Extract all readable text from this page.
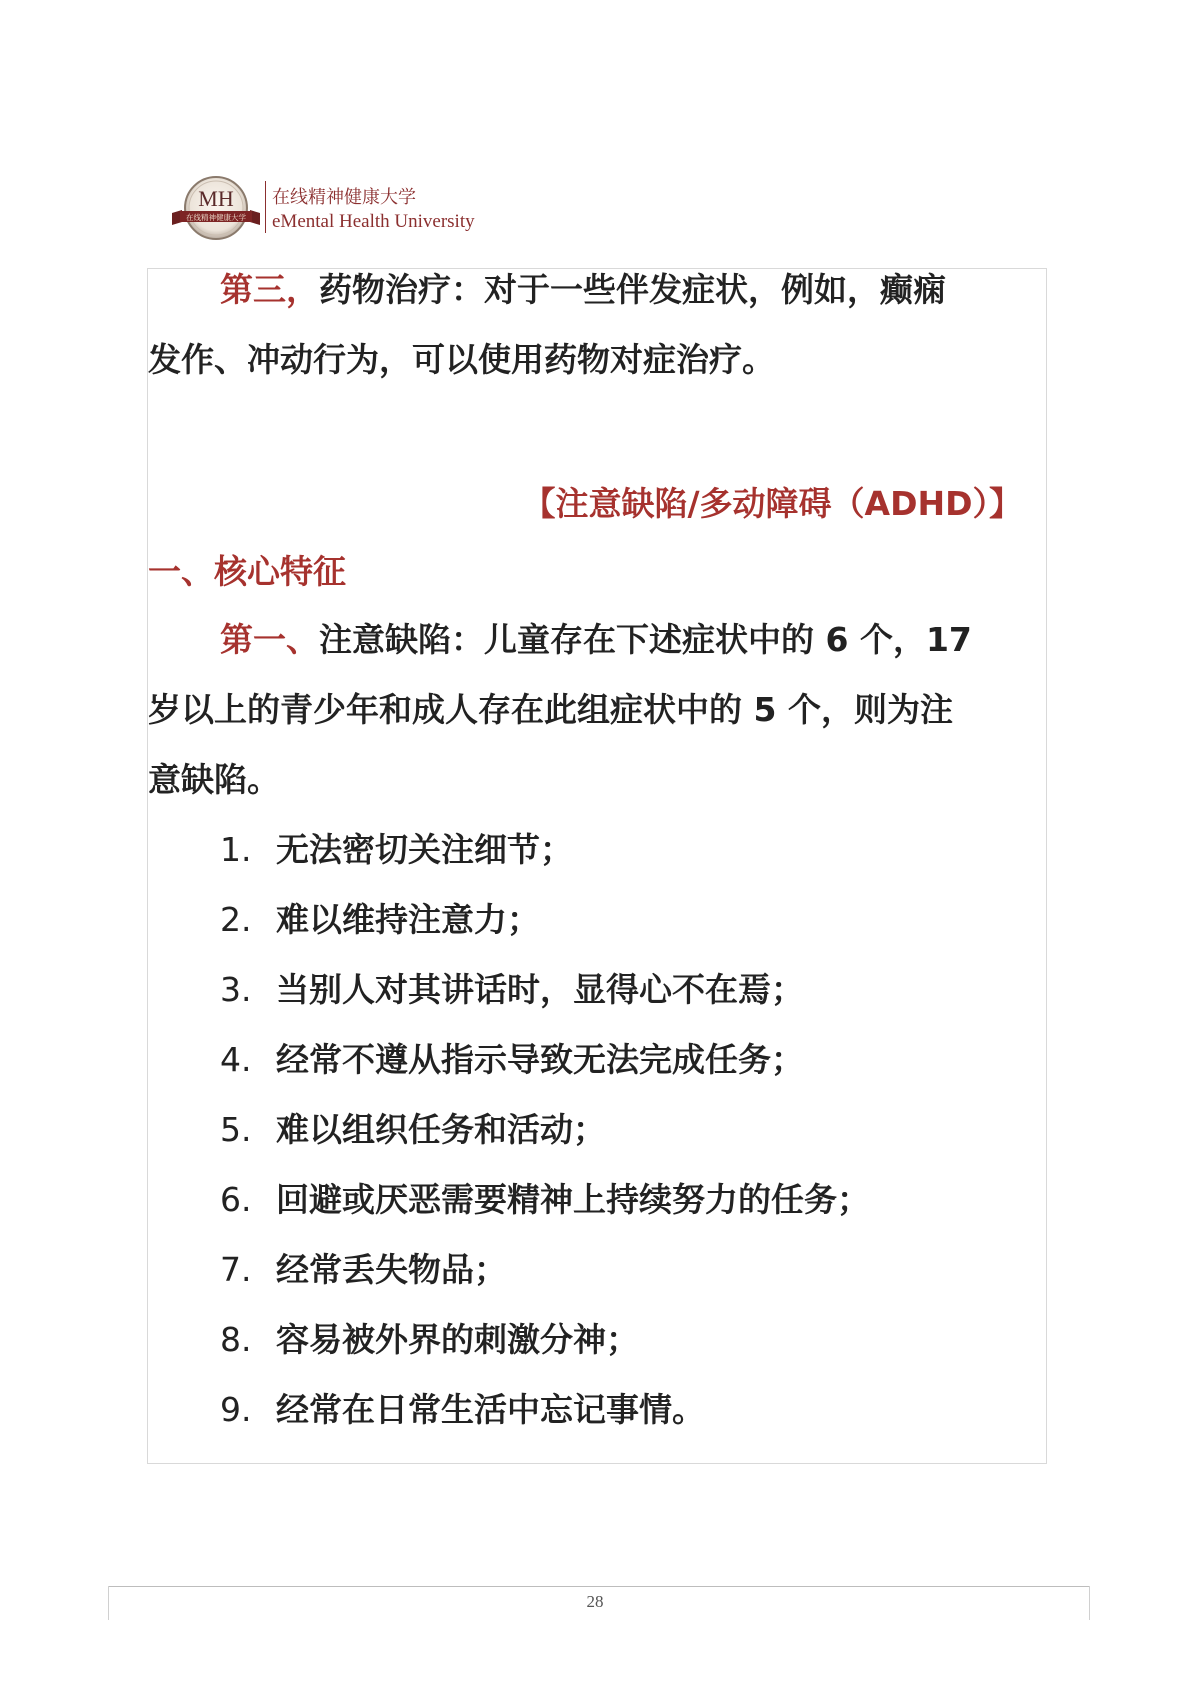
MH
在线精神健康大学
在线精神健康大学
eMental Health University
第三，药物治疗：对于一些伴发症状，例如，癫痫
发作、冲动行为，可以使用药物对症治疗。
【注意缺陷/多动障碍（ADHD）】
一、核心特征
第一、注意缺陷：儿童存在下述症状中的 6 个，17
岁以上的青少年和成人存在此组症状中的 5 个，则为注
意缺陷。
1. 无法密切关注细节；
2. 难以维持注意力；
3. 当别人对其讲话时，显得心不在焉；
4. 经常不遵从指示导致无法完成任务；
5. 难以组织任务和活动；
6. 回避或厌恶需要精神上持续努力的任务；
7. 经常丢失物品；
8. 容易被外界的刺激分神；
9. 经常在日常生活中忘记事情。
28
